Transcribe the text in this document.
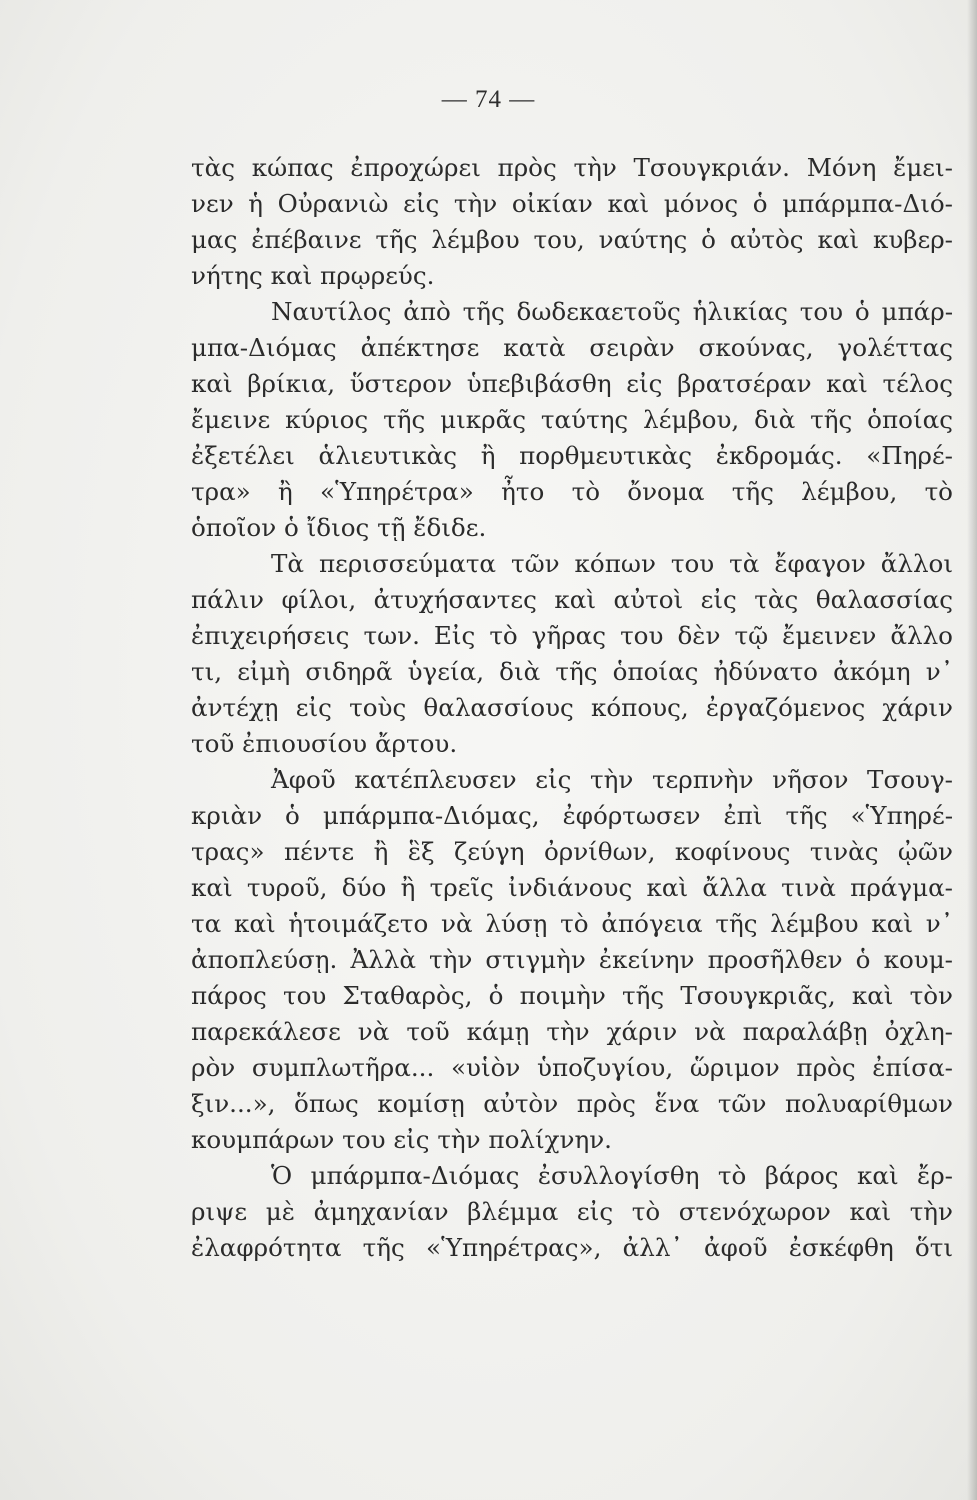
— 74 —
τὰς κώπας ἐπροχώρει πρὸς τὴν Τσουγκριάν. Μόνη ἔμει-
νεν ἡ Οὐρανιὼ εἰς τὴν οἰκίαν καὶ μόνος ὁ μπάρμπα-Διό-
μας ἐπέβαινε τῆς λέμβου του, ναύτης ὁ αὐτὸς καὶ κυβερ-
νήτης καὶ πρῳρεύς.
Ναυτίλος ἀπὸ τῆς δωδεκαετοῦς ἡλικίας του ὁ μπάρ-
μπα-Διόμας ἀπέκτησε κατὰ σειρὰν σκούνας, γολέττας
καὶ βρίκια, ὕστερον ὑπεβιβάσθη εἰς βρατσέραν καὶ τέλος
ἔμεινε κύριος τῆς μικρᾶς ταύτης λέμβου, διὰ τῆς ὁποίας
ἐξετέλει ἁλιευτικὰς ἢ πορθμευτικὰς ἐκδρομάς. «Πηρέ-
τρα» ἢ «Ὑπηρέτρα» ἦτο τὸ ὄνομα τῆς λέμβου, τὸ
ὁποῖον ὁ ἴδιος τῇ ἔδιδε.
Τὰ περισσεύματα τῶν κόπων του τὰ ἔφαγον ἄλλοι
πάλιν φίλοι, ἀτυχήσαντες καὶ αὐτοὶ εἰς τὰς θαλασσίας
ἐπιχειρήσεις των. Εἰς τὸ γῆρας του δὲν τῷ ἔμεινεν ἄλλο
τι, εἰμὴ σιδηρᾶ ὑγεία, διὰ τῆς ὁποίας ἠδύνατο ἀκόμη ν᾽
ἀντέχῃ εἰς τοὺς θαλασσίους κόπους, ἐργαζόμενος χάριν
τοῦ ἐπιουσίου ἄρτου.
Ἀφοῦ κατέπλευσεν εἰς τὴν τερπνὴν νῆσον Τσουγ-
κριὰν ὁ μπάρμπα-Διόμας, ἐφόρτωσεν ἐπὶ τῆς «Ὑπηρέ-
τρας» πέντε ἢ ἓξ ζεύγη ὀρνίθων, κοφίνους τινὰς ᾠῶν
καὶ τυροῦ, δύο ἢ τρεῖς ἰνδιάνους καὶ ἄλλα τινὰ πράγμα-
τα καὶ ἡτοιμάζετο νὰ λύσῃ τὸ ἀπόγεια τῆς λέμβου καὶ ν᾽
ἀποπλεύσῃ. Ἀλλὰ τὴν στιγμὴν ἐκείνην προσῆλθεν ὁ κουμ-
πάρος του Σταθαρὸς, ὁ ποιμὴν τῆς Τσουγκριᾶς, καὶ τὸν
παρεκάλεσε νὰ τοῦ κάμῃ τὴν χάριν νὰ παραλάβῃ ὀχλη-
ρὸν συμπλωτῆρα... «υἱὸν ὑποζυγίου, ὥριμον πρὸς ἐπίσα-
ξιν...», ὅπως κομίσῃ αὐτὸν πρὸς ἕνα τῶν πολυαρίθμων
κουμπάρων του εἰς τὴν πολίχνην.
Ὁ μπάρμπα-Διόμας ἐσυλλογίσθη τὸ βάρος καὶ ἔρ-
ριψε μὲ ἀμηχανίαν βλέμμα εἰς τὸ στενόχωρον καὶ τὴν
ἐλαφρότητα τῆς «Ὑπηρέτρας», ἀλλ᾽ ἀφοῦ ἐσκέφθη ὅτι
